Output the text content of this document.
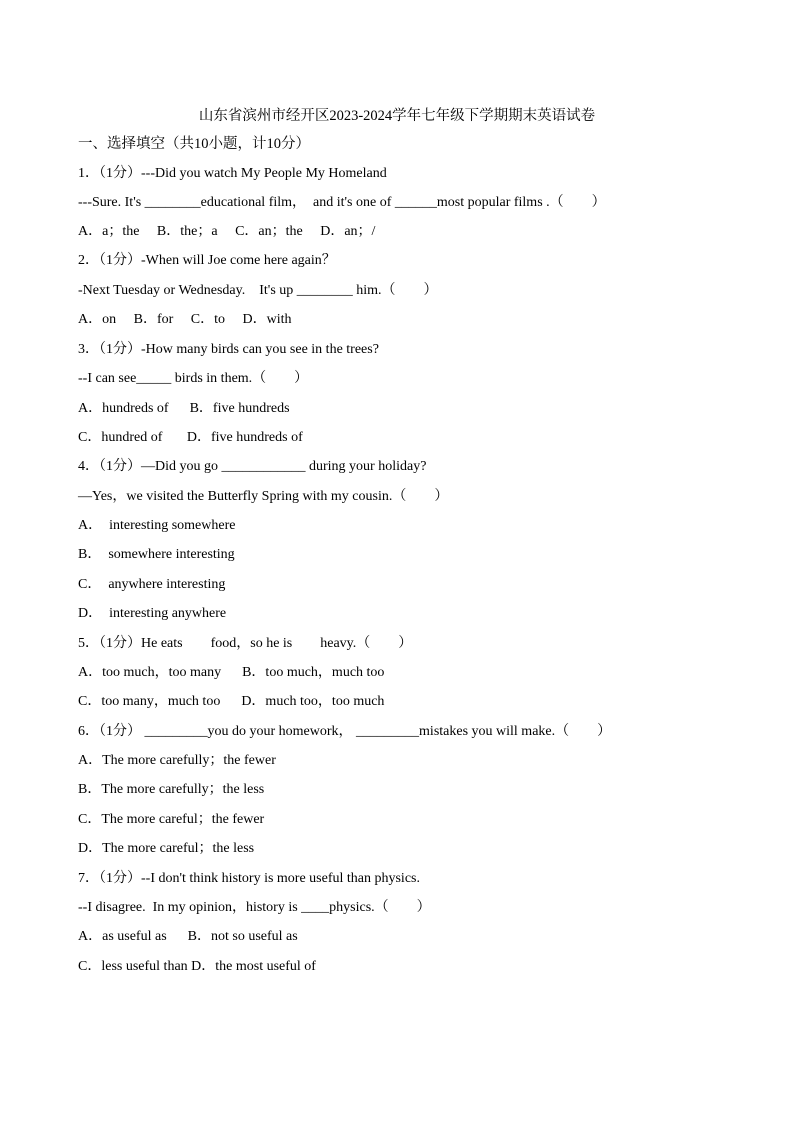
山东省滨州市经开区2023-2024学年七年级下学期期末英语试卷
一、选择填空（共10小题，计10分）
1．（1分）---Did you watch My People My Homeland
---Sure. It's ________educational film，  and it's one of ______most popular films .（        ）
A．a；the     B．the；a     C．an；the     D．an；/
2．（1分）-When will Joe come here again？
-Next Tuesday or Wednesday.    It's up ________ him.（        ）
A．on     B．for     C．to     D．with
3．（1分）-How many birds can you see in the trees?
--I can see_____ birds in them.（        ）
A．hundreds of      B．five hundreds
C．hundred of       D．five hundreds of
4．（1分）—Did you go ____________ during your holiday?
—Yes，we visited the Butterfly Spring with my cousin.（        ）
A．  interesting somewhere
B．  somewhere interesting
C．  anywhere interesting
D．  interesting anywhere
5．（1分）He eats        food，so he is        heavy.（        ）
A．too much，too many      B．too much，much too
C．too many，much too      D．much too，too much
6．（1分） _________you do your homework， _________mistakes you will make.（        ）
A．The more carefully；the fewer
B．The more carefully；the less
C．The more careful；the fewer
D．The more careful；the less
7．（1分）--I don't think history is more useful than physics.
--I disagree.  In my opinion，history is ____physics.（        ）
A．as useful as      B．not so useful as
C．less useful than D．the most useful of
